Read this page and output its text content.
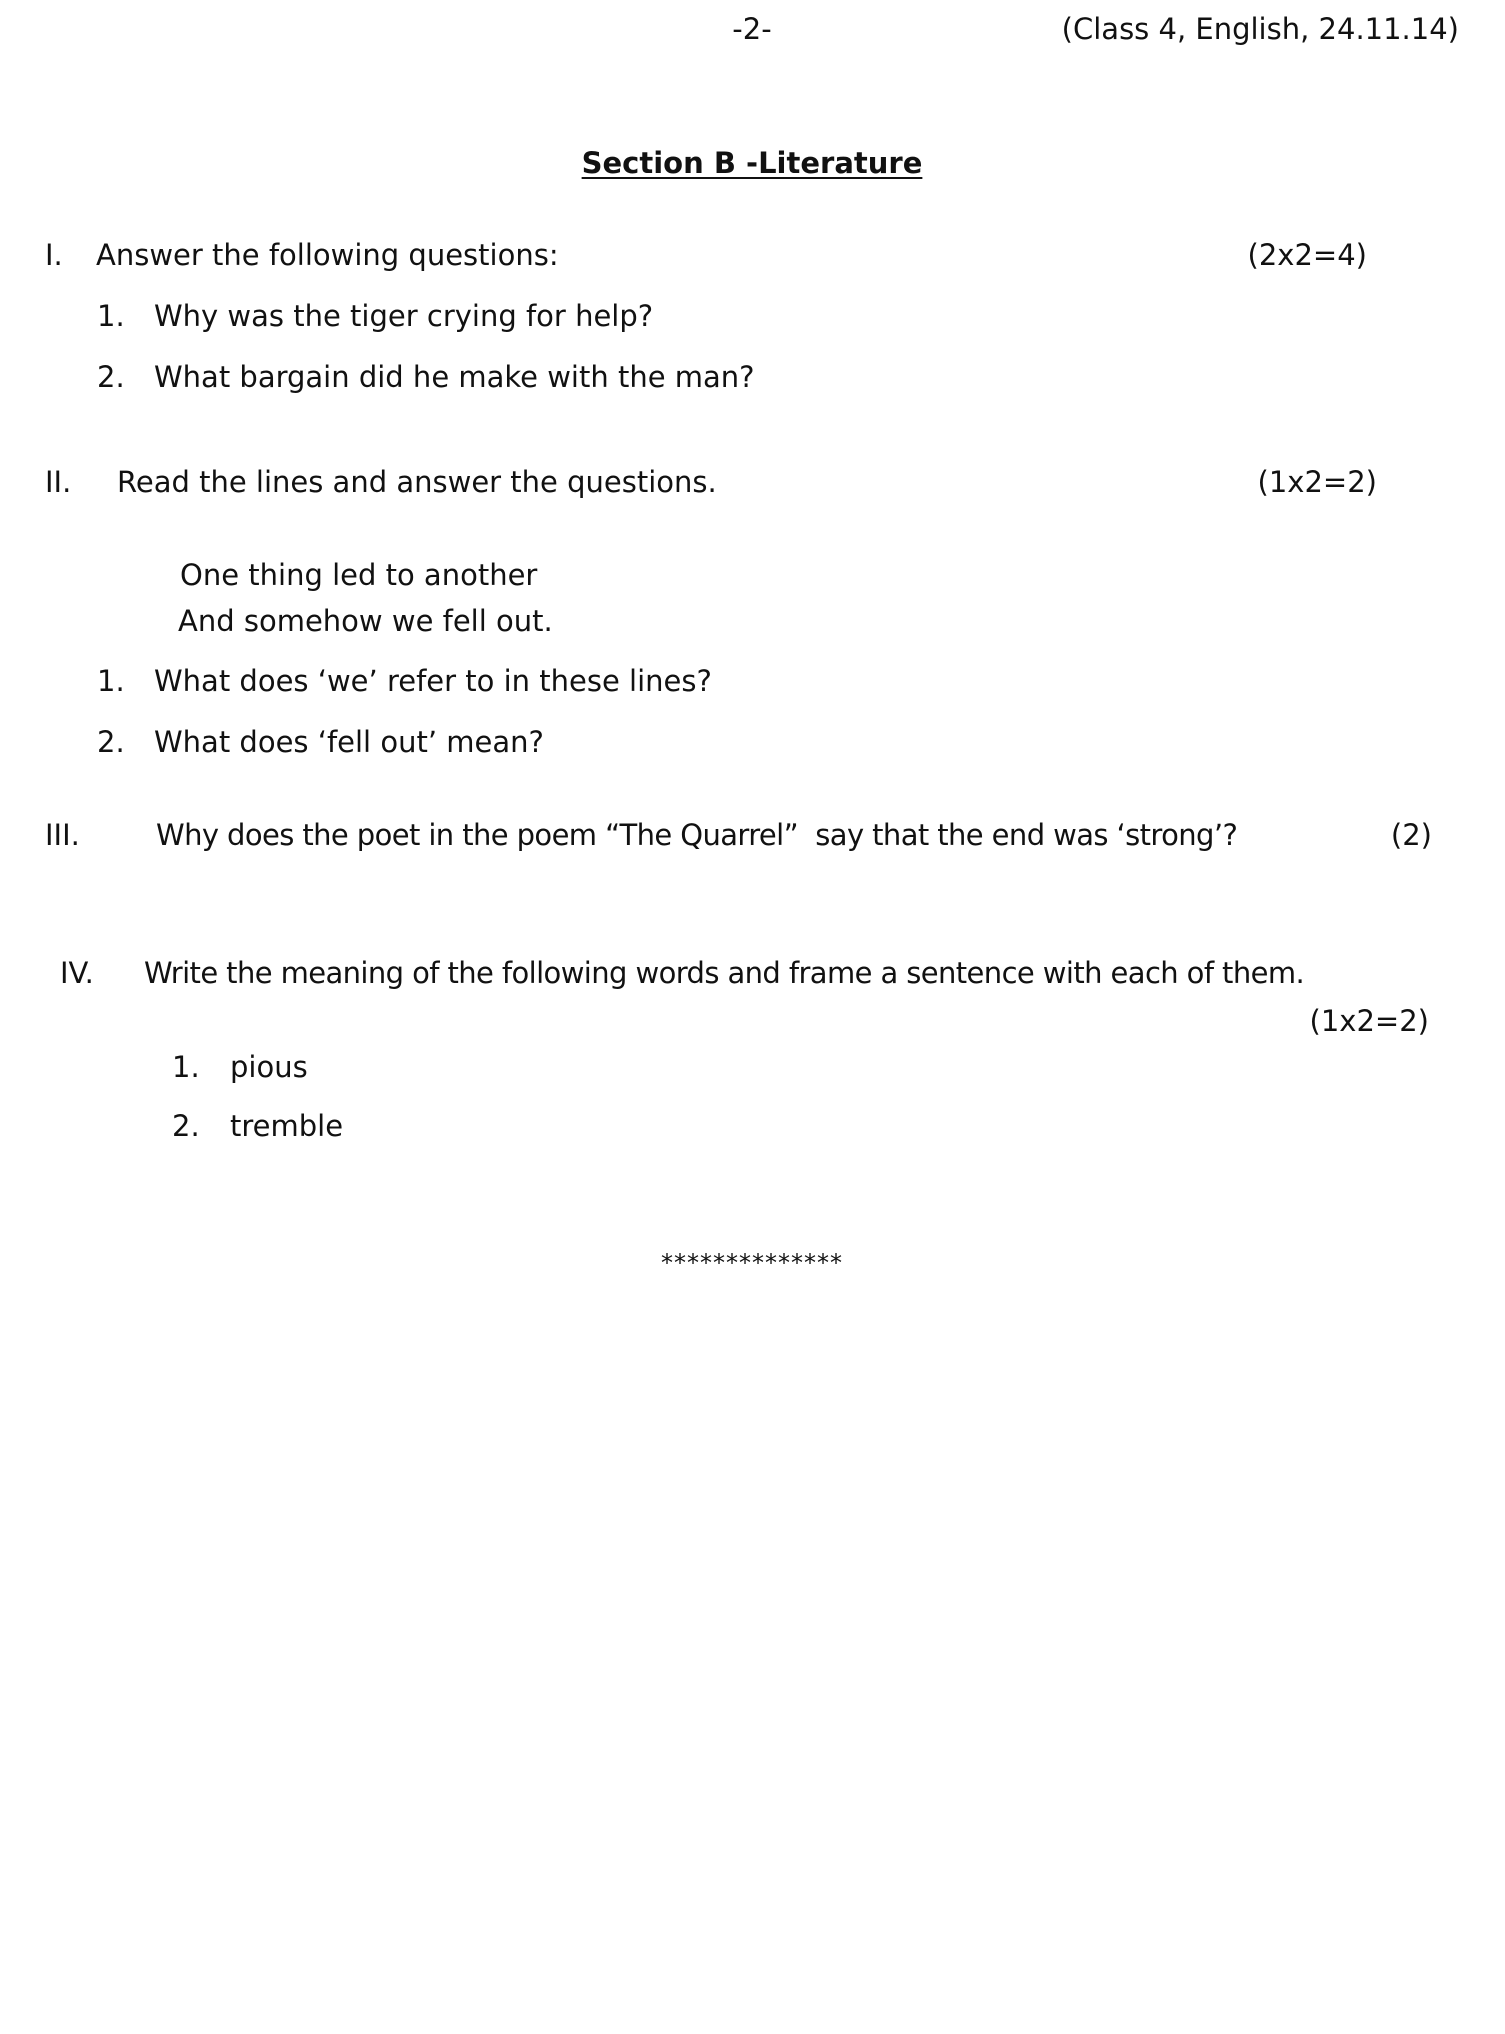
-2-	(Class 4, English, 24.11.14)
Section B -Literature
I. Answer the following questions:	(2x2=4)
1. Why was the tiger crying for help?
2. What bargain did he make with the man?
II. Read the lines and answer the questions.	(1x2=2)
One thing led to another
And somehow we fell out.
1. What does ‘we’ refer to in these lines?
2. What does ‘fell out’ mean?
III.	Why does the poet in the poem “The Quarrel”  say that the end was ‘strong’?	(2)
IV. Write the meaning of the following words and frame a sentence with each of them.
(1x2=2)
1. pious
2. tremble
**************
